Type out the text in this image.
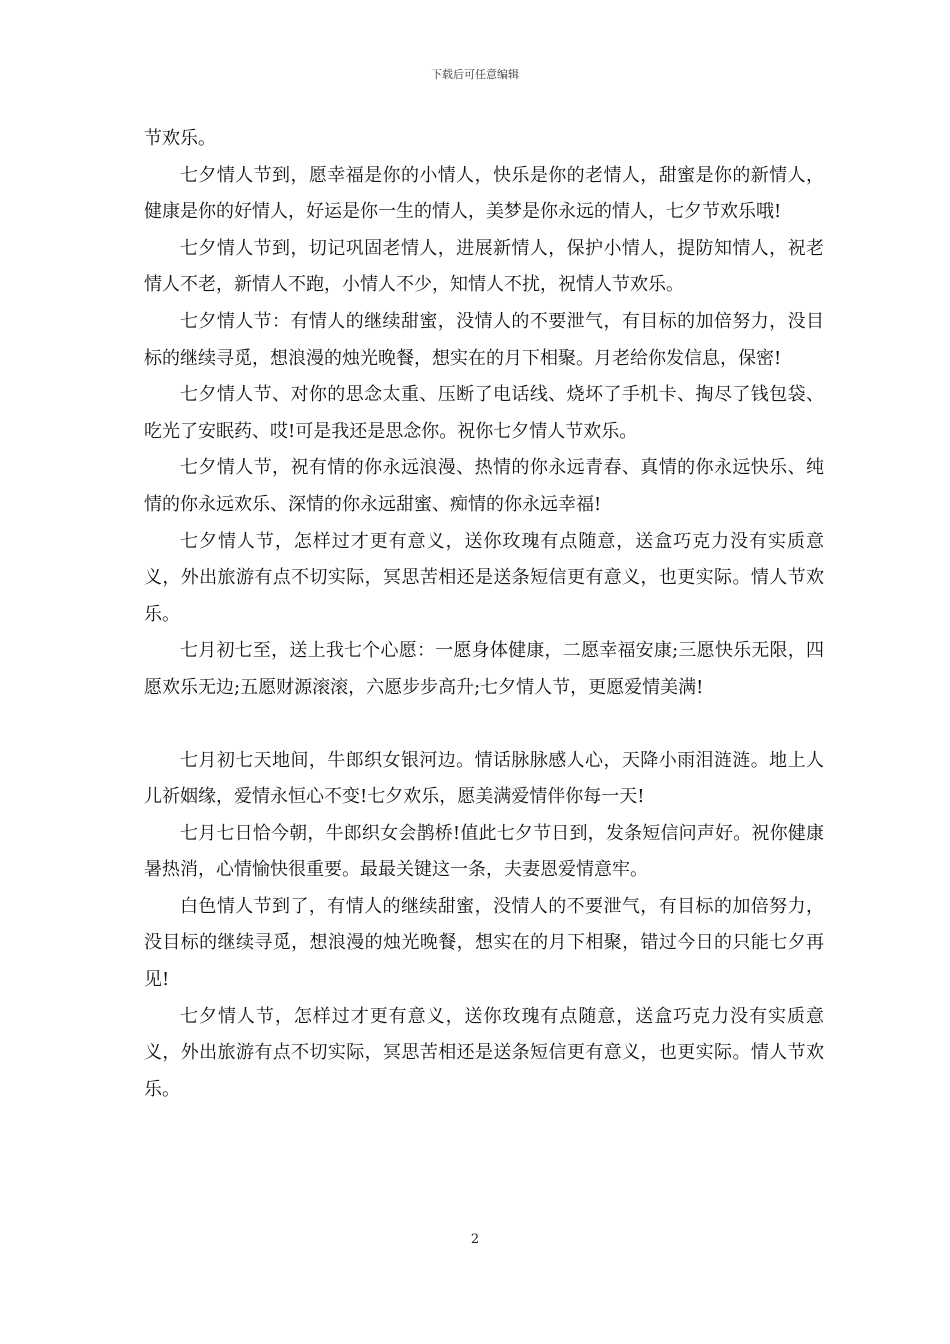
下载后可任意编辑

节欢乐。

七夕情人节到，愿幸福是你的小情人，快乐是你的老情人，甜蜜是你的新情人，健康是你的好情人，好运是你一生的情人，美梦是你永远的情人，七夕节欢乐哦!

七夕情人节到，切记巩固老情人，进展新情人，保护小情人，提防知情人，祝老情人不老，新情人不跑，小情人不少，知情人不扰，祝情人节欢乐。

七夕情人节：有情人的继续甜蜜，没情人的不要泄气，有目标的加倍努力，没目标的继续寻觅，想浪漫的烛光晚餐，想实在的月下相聚。月老给你发信息，保密!

七夕情人节、对你的思念太重、压断了电话线、烧坏了手机卡、掏尽了钱包袋、吃光了安眠药、哎!可是我还是思念你。祝你七夕情人节欢乐。

七夕情人节，祝有情的你永远浪漫、热情的你永远青春、真情的你永远快乐、纯情的你永远欢乐、深情的你永远甜蜜、痴情的你永远幸福!

七夕情人节，怎样过才更有意义，送你玫瑰有点随意，送盒巧克力没有实质意义，外出旅游有点不切实际，冥思苦相还是送条短信更有意义，也更实际。情人节欢乐。

七月初七至，送上我七个心愿：一愿身体健康，二愿幸福安康;三愿快乐无限，四愿欢乐无边;五愿财源滚滚，六愿步步高升;七夕情人节，更愿爱情美满!

七月初七天地间，牛郎织女银河边。情话脉脉感人心，天降小雨泪涟涟。地上人儿祈姻缘，爱情永恒心不变!七夕欢乐，愿美满爱情伴你每一天!

七月七日恰今朝，牛郎织女会鹊桥!值此七夕节日到，发条短信问声好。祝你健康暑热消，心情愉快很重要。最最关键这一条，夫妻恩爱情意牢。

白色情人节到了，有情人的继续甜蜜，没情人的不要泄气，有目标的加倍努力，没目标的继续寻觅，想浪漫的烛光晚餐，想实在的月下相聚，错过今日的只能七夕再见!

七夕情人节，怎样过才更有意义，送你玫瑰有点随意，送盒巧克力没有实质意义，外出旅游有点不切实际，冥思苦相还是送条短信更有意义，也更实际。情人节欢乐。

2
